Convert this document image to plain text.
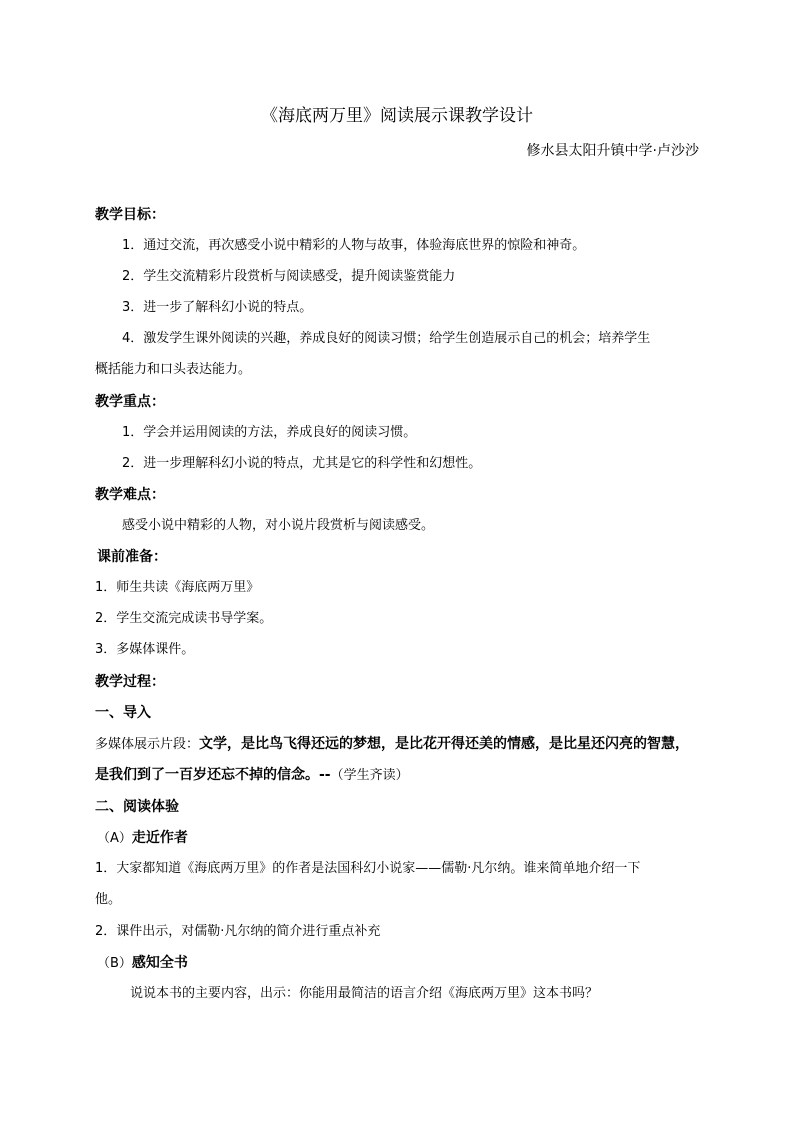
《海底两万里》阅读展示课教学设计
修水县太阳升镇中学·卢沙沙
教学目标：
1．通过交流，再次感受小说中精彩的人物与故事，体验海底世界的惊险和神奇。
2．学生交流精彩片段赏析与阅读感受，提升阅读鉴赏能力
3．进一步了解科幻小说的特点。
4．激发学生课外阅读的兴趣，养成良好的阅读习惯；给学生创造展示自己的机会；培养学生
概括能力和口头表达能力。
教学重点：
1．学会并运用阅读的方法，养成良好的阅读习惯。
2．进一步理解科幻小说的特点，尤其是它的科学性和幻想性。
教学难点：
感受小说中精彩的人物，对小说片段赏析与阅读感受。
课前准备：
1．师生共读《海底两万里》
2．学生交流完成读书导学案。
3．多媒体课件。
教学过程：
一、导入
多媒体展示片段：文学，是比鸟飞得还远的梦想，是比花开得还美的情感，是比星还闪亮的智慧，
是我们到了一百岁还忘不掉的信念。--（学生齐读）
二、阅读体验
（A）走近作者
1．大家都知道《海底两万里》的作者是法国科幻小说家——儒勒·凡尔纳。谁来简单地介绍一下
他。
2．课件出示，对儒勒·凡尔纳的简介进行重点补充
（B）感知全书
说说本书的主要内容，出示：你能用最简洁的语言介绍《海底两万里》这本书吗？
